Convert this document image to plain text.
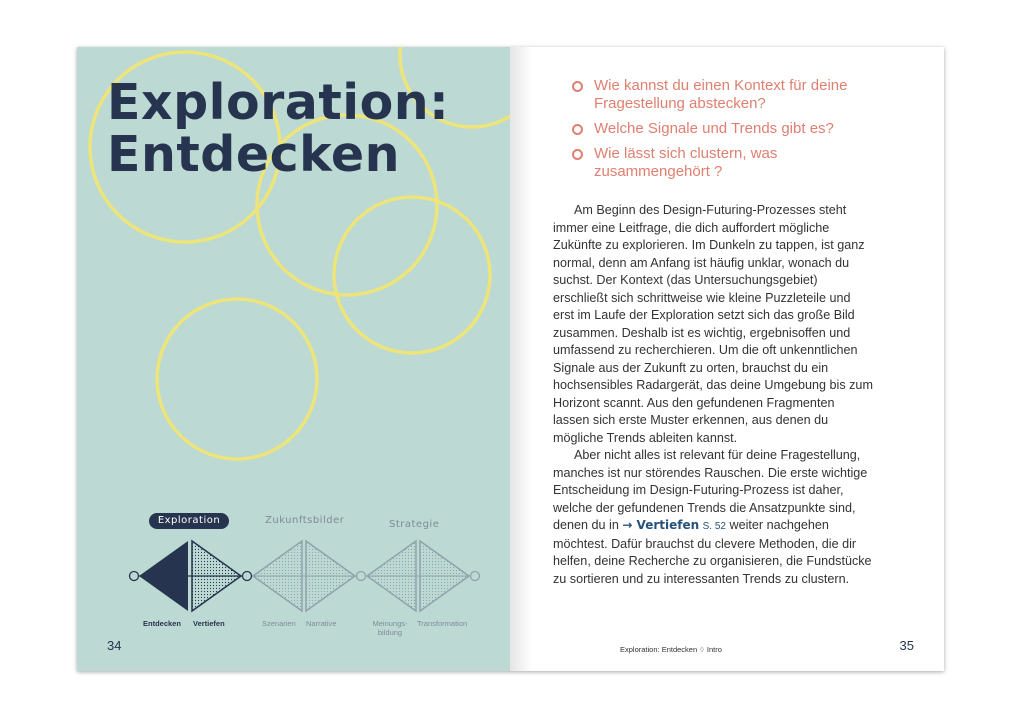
Exploration:
Entdecken
Exploration	Zukunftsbilder	Strategie
Entdecken Vertiefen	Szenarien Narrative	Meinungs-
bildung
Transformation
34
Wie kannst du einen Kontext für deine Fragestellung abstecken?
Welche Signale und Trends gibt es?
Wie lässt sich clustern, was zusammengehört ?

Am Beginn des Design-Futuring-Prozesses steht immer eine Leitfrage, die dich auffordert mögliche Zukünfte zu explorieren. Im Dunkeln zu tappen, ist ganz normal, denn am Anfang ist häufig unklar, wonach du suchst. Der Kontext (das Untersuchungsgebiet) erschließt sich schrittweise wie kleine Puzzleteile und erst im Laufe der Exploration setzt sich das große Bild zusammen. Deshalb ist es wichtig, ergebnisoffen und umfassend zu recherchieren. Um die oft unkenntlichen Signale aus der Zukunft zu orten, brauchst du ein hochsensibles Radargerät, das deine Umgebung bis zum Horizont scannt. Aus den gefundenen Fragmenten lassen sich erste Muster erkennen, aus denen du mögliche Trends ableiten kannst.

Aber nicht alles ist relevant für deine Fragestellung, manches ist nur störendes Rauschen. Die erste wichtige Entscheidung im Design-Futuring-Prozess ist daher, welche der gefundenen Trends die Ansatzpunkte sind, denen du in → Vertiefen S. 52 weiter nachgehen möchtest. Dafür brauchst du clevere Methoden, die dir helfen, deine Recherche zu organisieren, die Fundstücke zu sortieren und zu interessanten Trends zu clustern.

Exploration: Entdecken ◊ Intro	35
